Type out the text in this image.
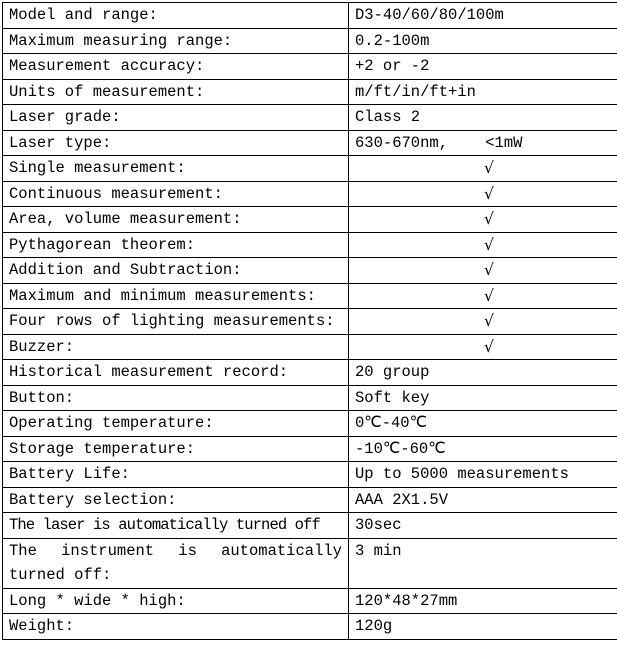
Model and range:	D3-40/60/80/100m
Maximum measuring range:	0.2-100m
Measurement accuracy:	+2 or -2
Units of measurement:	m/ft/in/ft+in
Laser grade:	Class 2
Laser type:	630-670nm,    <1mW
Single measurement:	√
Continuous measurement:	√
Area, volume measurement:	√
Pythagorean theorem:	√
Addition and Subtraction:	√
Maximum and minimum measurements:	√
Four rows of lighting measurements:	√
Buzzer:	√
Historical measurement record:	20 group
Button:	Soft key
Operating temperature:	0℃-40℃
Storage temperature:	-10℃-60℃
Battery Life:	Up to 5000 measurements
Battery selection:	AAA 2X1.5V
The laser is automatically turned off	30sec
The instrument is automatically turned off:	3 min
Long * wide * high:	120*48*27mm
Weight:	120g
